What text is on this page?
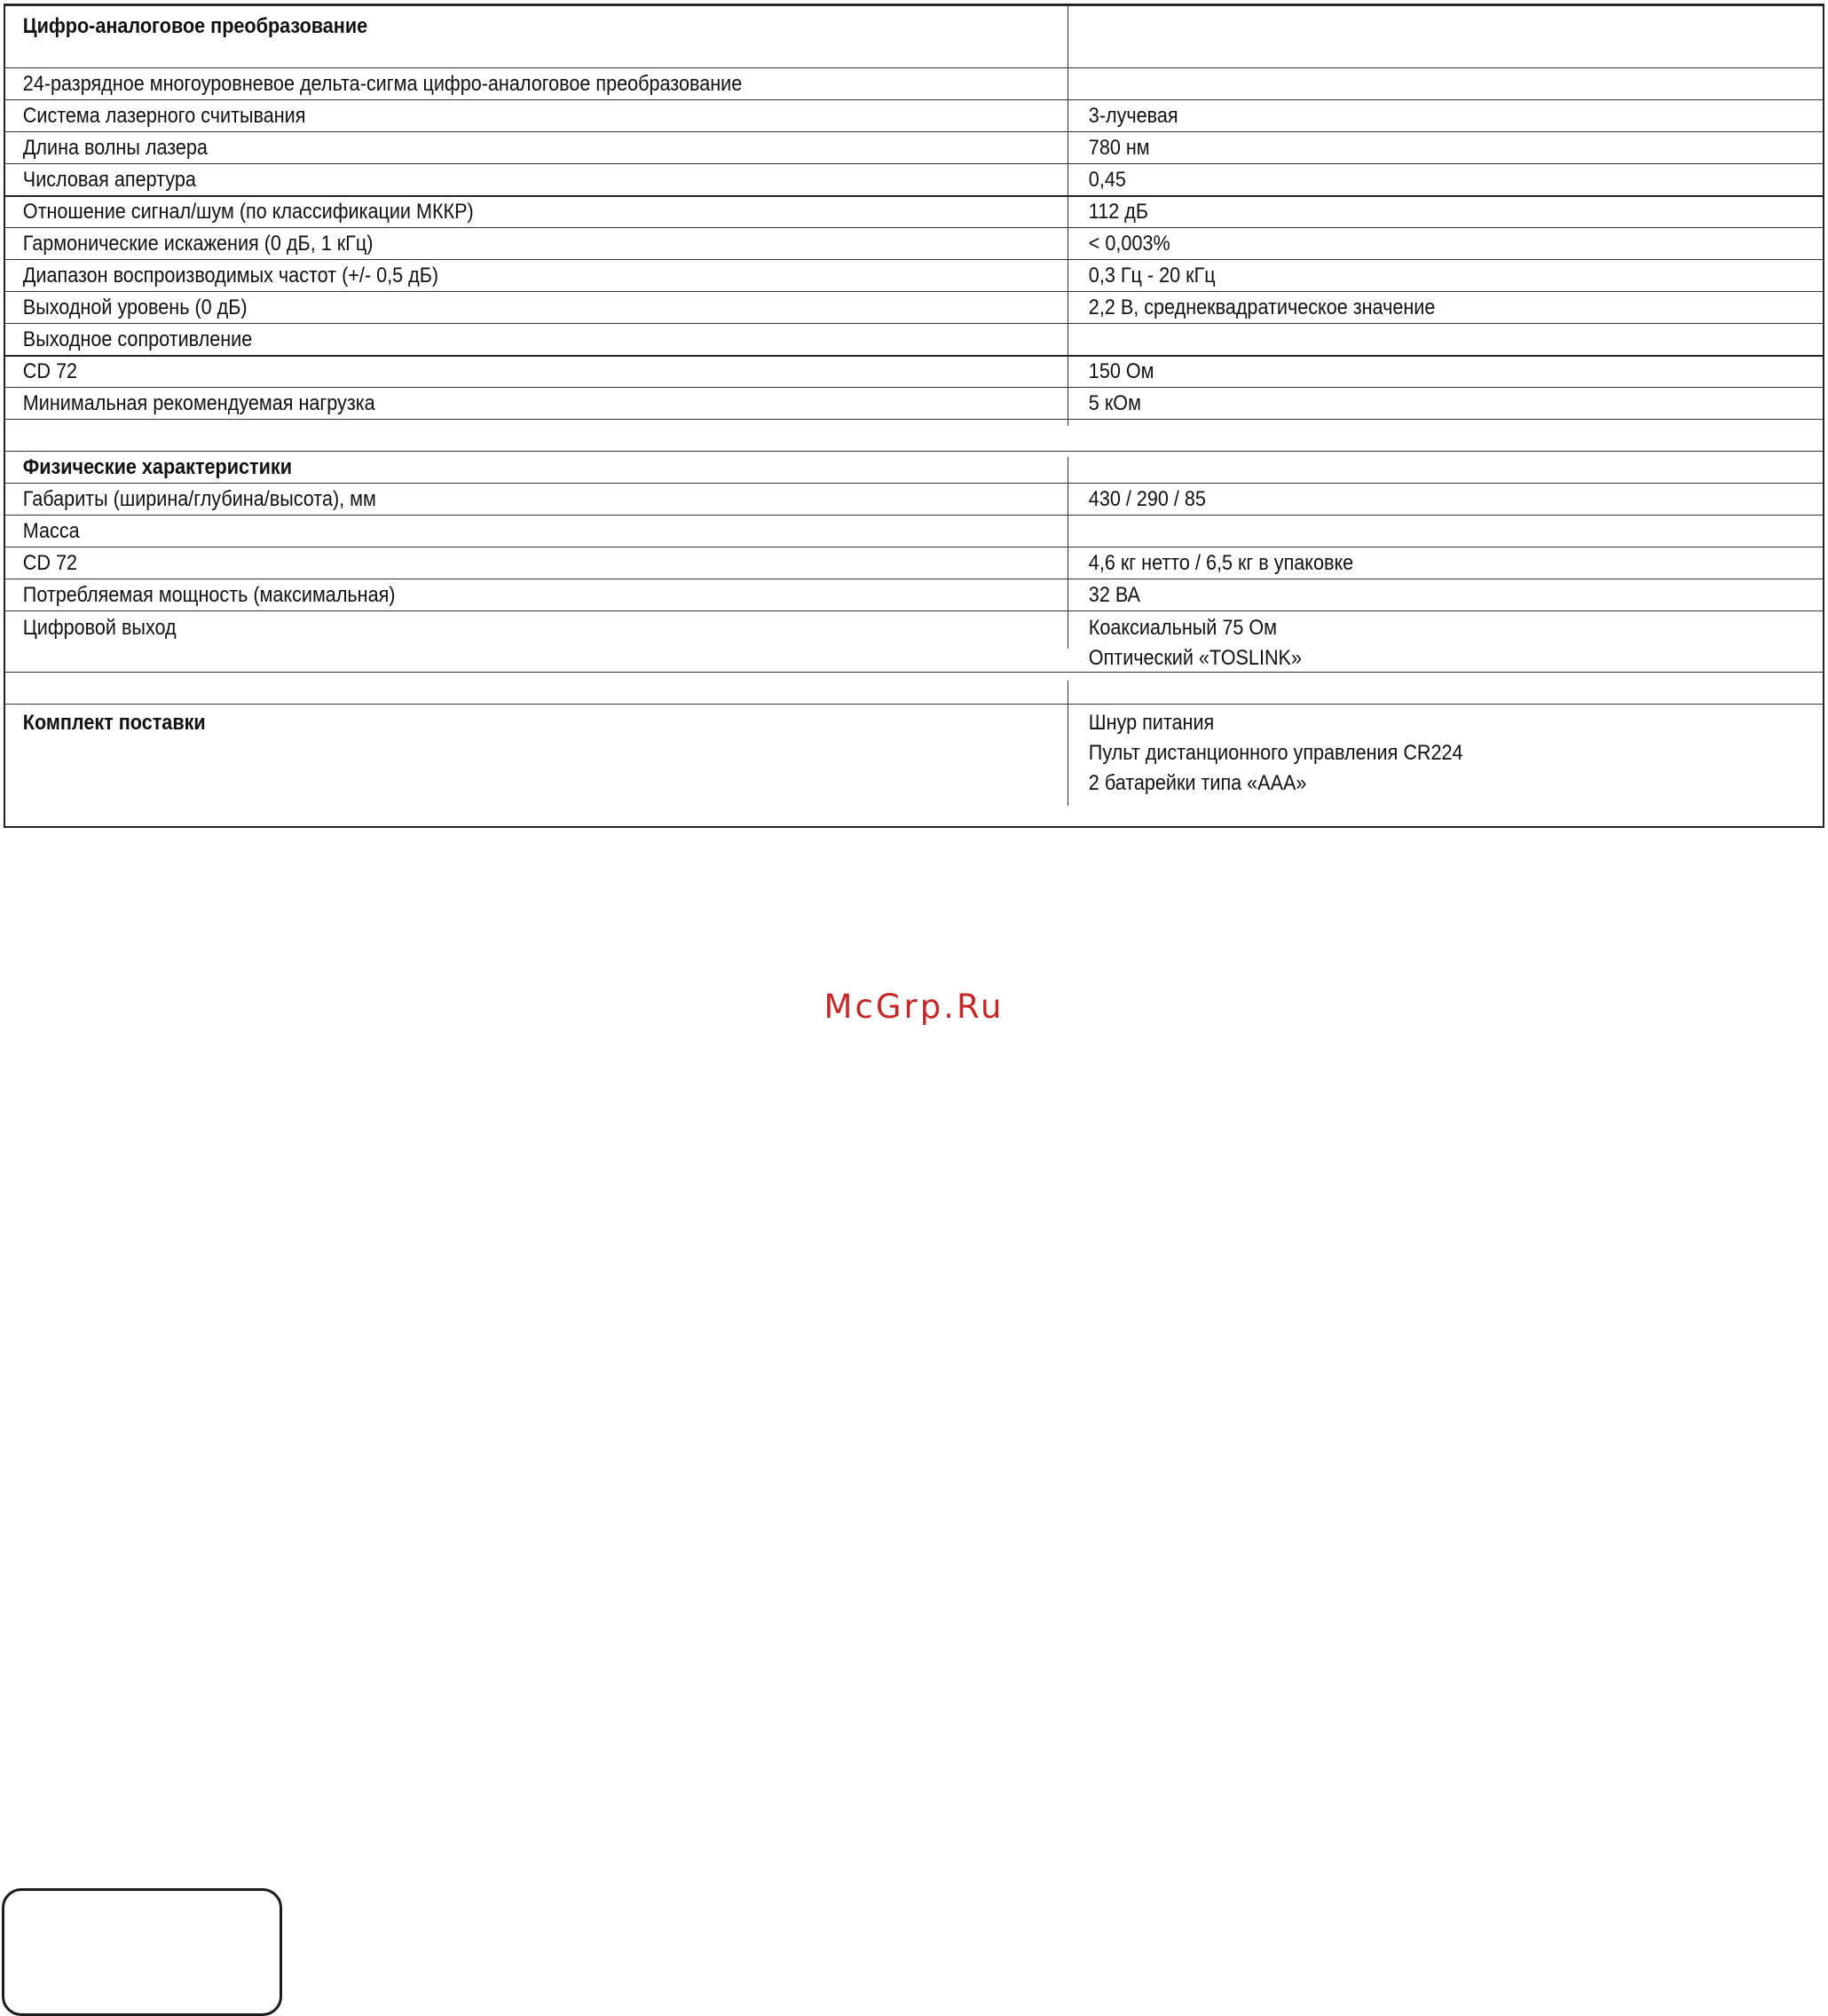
Цифро-аналоговое преобразование
24-разрядное многоуровневое дельта-сигма цифро-аналоговое преобразование
Система лазерного считывания	3-лучевая
Длина волны лазера	780 нм
Числовая апертура	0,45
Отношение сигнал/шум (по классификации МККР)	112 дБ
Гармонические искажения (0 дБ, 1 кГц)	< 0,003%
Диапазон воспроизводимых частот (+/- 0,5 дБ)	0,3 Гц - 20 кГц
Выходной уровень (0 дБ)	2,2 В, среднеквадратическое значение
Выходное сопротивление
CD 72	150 Ом
Минимальная рекомендуемая нагрузка	5 кОм
Физические характеристики
Габариты (ширина/глубина/высота), мм	430 / 290 / 85
Масса
CD 72	4,6 кг нетто / 6,5 кг в упаковке
Потребляемая мощность (максимальная)	32 ВА
Цифровой выход	Коаксиальный 75 Ом
Оптический «TOSLINK»
Комплект поставки	Шнур питания
Пульт дистанционного управления CR224
2 батарейки типа «ААА»
McGrp.Ru
